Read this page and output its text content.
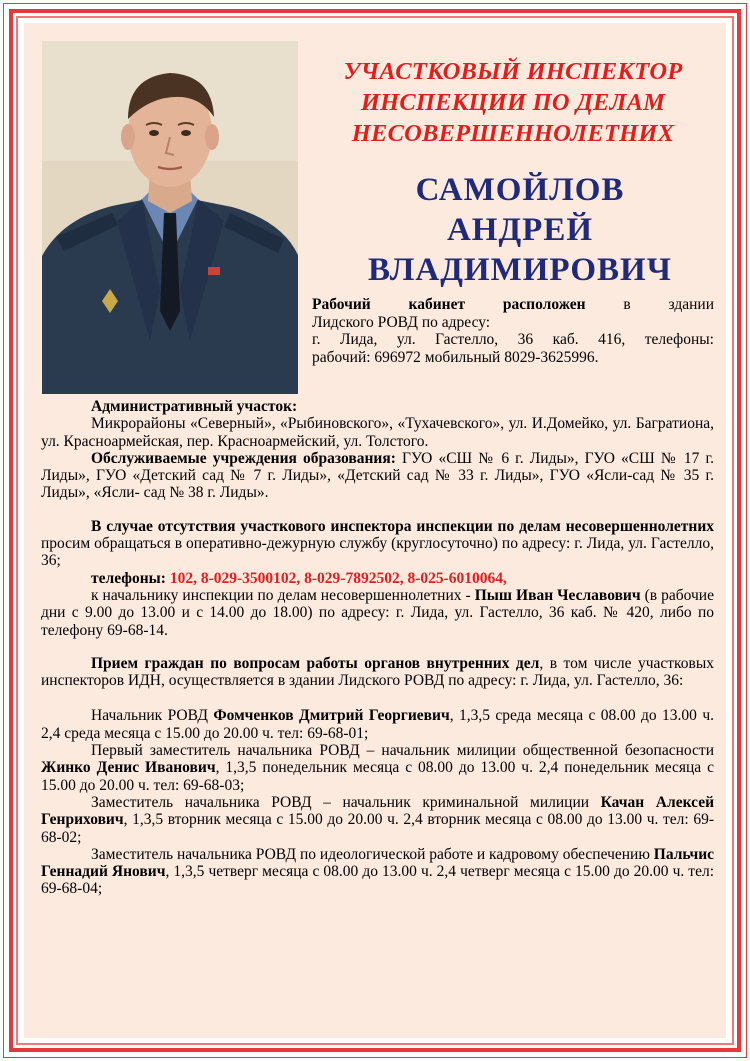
УЧАСТКОВЫЙ ИНСПЕКТОР
ИНСПЕКЦИИ ПО ДЕЛАМ
НЕСОВЕРШЕННОЛЕТНИХ
САМОЙЛОВ
АНДРЕЙ
ВЛАДИМИРОВИЧ
Рабочий кабинет расположен в здании
Лидского РОВД по адресу:
г. Лида, ул. Гастелло, 36 каб. 416, телефоны:
рабочий: 696972 мобильный 8029-3625996.
Административный участок:
Микрорайоны «Северный», «Рыбиновского», «Тухачевского», ул. И.Домейко, ул. Багратиона, ул. Красноармейская, пер. Красноармейский, ул. Толстого.
Обслуживаемые учреждения образования: ГУО «СШ № 6 г. Лиды», ГУО «СШ № 17 г. Лиды», ГУО «Детский сад № 7 г. Лиды», «Детский сад № 33 г. Лиды», ГУО «Ясли-сад № 35 г. Лиды», «Ясли- сад № 38 г. Лиды».
В случае отсутствия участкового инспектора инспекции по делам несовершеннолетних просим обращаться в оперативно-дежурную службу (круглосуточно) по адресу: г. Лида, ул. Гастелло, 36;
телефоны: 102, 8-029-3500102, 8-029-7892502, 8-025-6010064,
к начальнику инспекции по делам несовершеннолетних - Пыш Иван Чеславович (в рабочие дни с 9.00 до 13.00 и с 14.00 до 18.00) по адресу: г. Лида, ул. Гастелло, 36 каб. № 420, либо по телефону 69-68-14.
Прием граждан по вопросам работы органов внутренних дел, в том числе участковых инспекторов ИДН, осуществляется в здании Лидского РОВД по адресу: г. Лида, ул. Гастелло, 36:
Начальник РОВД Фомченков Дмитрий Георгиевич, 1,3,5 среда месяца с 08.00 до 13.00 ч. 2,4 среда месяца с 15.00 до 20.00 ч. тел: 69-68-01;
Первый заместитель начальника РОВД – начальник милиции общественной безопасности Жинко Денис Иванович, 1,3,5 понедельник месяца с 08.00 до 13.00 ч. 2,4 понедельник месяца с 15.00 до 20.00 ч. тел: 69-68-03;
Заместитель начальника РОВД – начальник криминальной милиции Качан Алексей Генрихович, 1,3,5 вторник месяца с 15.00 до 20.00 ч. 2,4 вторник месяца с 08.00 до 13.00 ч. тел: 69-68-02;
Заместитель начальника РОВД по идеологической работе и кадровому обеспечению Пальчис Геннадий Янович, 1,3,5 четверг месяца с 08.00 до 13.00 ч. 2,4 четверг месяца с 15.00 до 20.00 ч. тел: 69-68-04;
